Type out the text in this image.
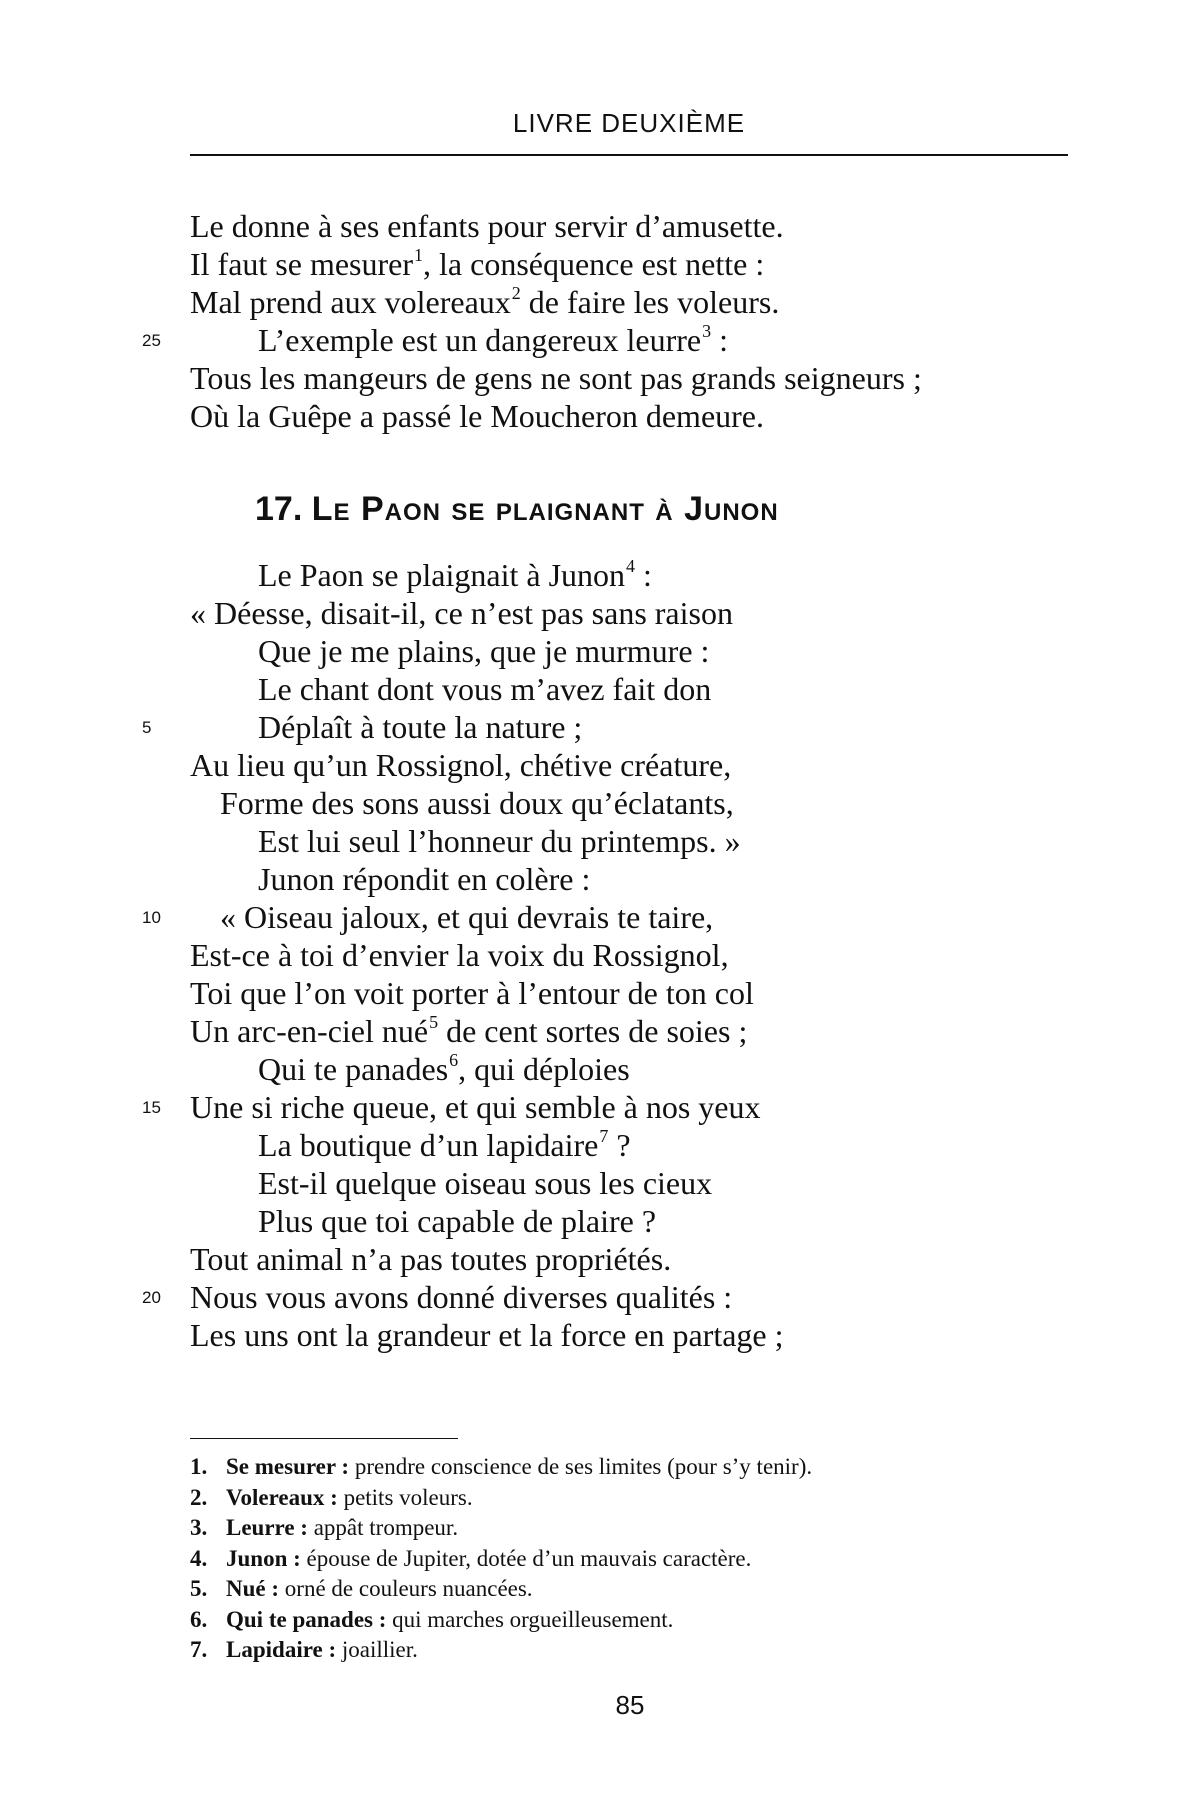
LIVRE DEUXIÈME
Le donne à ses enfants pour servir d’amusette.
Il faut se mesurer$^1$, la conséquence est nette :
Mal prend aux volereaux$^2$ de faire les voleurs.
25	L’exemple est un dangereux leurre$^3$ :
Tous les mangeurs de gens ne sont pas grands seigneurs ;
Où la Guêpe a passé le Moucheron demeure.
17. Le Paon se plaignant à Junon
Le Paon se plaignait à Junon$^4$ :
« Déesse, disait-il, ce n’est pas sans raison
Que je me plains, que je murmure :
Le chant dont vous m’avez fait don
5	Déplaît à toute la nature ;
Au lieu qu’un Rossignol, chétive créature,
Forme des sons aussi doux qu’éclatants,
Est lui seul l’honneur du printemps. »
Junon répondit en colère :
10	« Oiseau jaloux, et qui devrais te taire,
Est-ce à toi d’envier la voix du Rossignol,
Toi que l’on voit porter à l’entour de ton col
Un arc-en-ciel nué$^5$ de cent sortes de soies ;
Qui te panades$^6$, qui déploies
15 Une si riche queue, et qui semble à nos yeux
La boutique d’un lapidaire$^7$ ?
Est-il quelque oiseau sous les cieux
Plus que toi capable de plaire ?
Tout animal n’a pas toutes propriétés.
20 Nous vous avons donné diverses qualités :
Les uns ont la grandeur et la force en partage ;
1. Se mesurer : prendre conscience de ses limites (pour s’y tenir).
2. Volereaux : petits voleurs.
3. Leurre : appât trompeur.
4. Junon : épouse de Jupiter, dotée d’un mauvais caractère.
5. Nué : orné de couleurs nuancées.
6. Qui te panades : qui marches orgueilleusement.
7. Lapidaire : joaillier.
85
